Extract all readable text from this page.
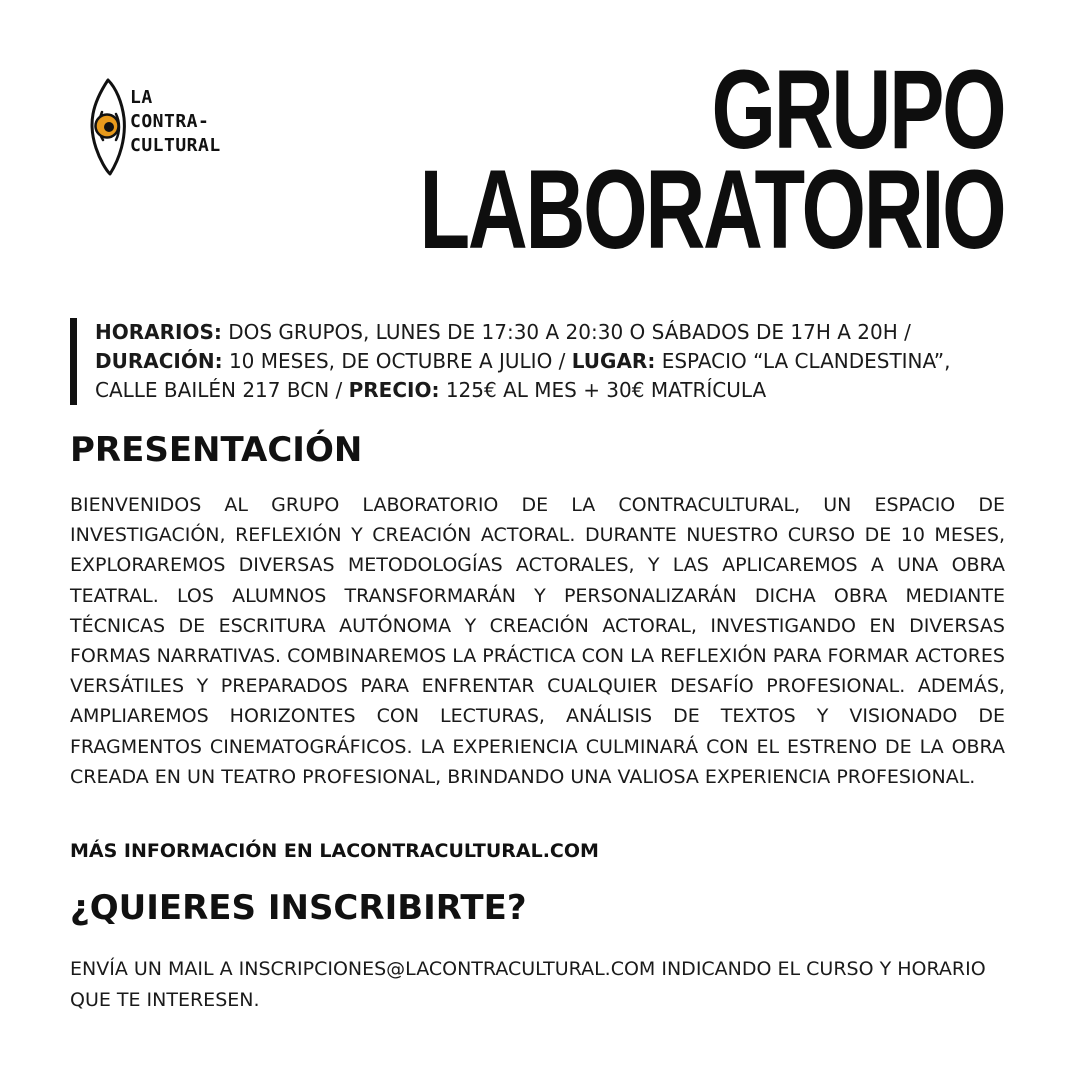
LA
CONTRA-
CULTURAL	GRUPO
LABORATORIO
HORARIOS: DOS GRUPOS, LUNES DE 17:30 A 20:30 O SÁBADOS DE 17H A 20H /
DURACIÓN: 10 MESES, DE OCTUBRE A JULIO / LUGAR: ESPACIO “LA CLANDESTINA”,
CALLE BAILÉN 217 BCN / PRECIO: 125€ AL MES + 30€ MATRÍCULA
PRESENTACIÓN
BIENVENIDOS AL GRUPO LABORATORIO DE LA CONTRACULTURAL, UN ESPACIO DE INVESTIGACIÓN, REFLEXIÓN Y CREACIÓN ACTORAL. DURANTE NUESTRO CURSO DE 10 MESES, EXPLORAREMOS DIVERSAS METODOLOGÍAS ACTORALES, Y LAS APLICAREMOS A UNA OBRA TEATRAL. LOS ALUMNOS TRANSFORMARÁN Y PERSONALIZARÁN DICHA OBRA MEDIANTE TÉCNICAS DE ESCRITURA AUTÓNOMA Y CREACIÓN ACTORAL, INVESTIGANDO EN DIVERSAS FORMAS NARRATIVAS. COMBINAREMOS LA PRÁCTICA CON LA REFLEXIÓN PARA FORMAR ACTORES VERSÁTILES Y PREPARADOS PARA ENFRENTAR CUALQUIER DESAFÍO PROFESIONAL. ADEMÁS, AMPLIAREMOS HORIZONTES CON LECTURAS, ANÁLISIS DE TEXTOS Y VISIONADO DE FRAGMENTOS CINEMATOGRÁFICOS. LA EXPERIENCIA CULMINARÁ CON EL ESTRENO DE LA OBRA CREADA EN UN TEATRO PROFESIONAL, BRINDANDO UNA VALIOSA EXPERIENCIA PROFESIONAL.
MÁS INFORMACIÓN EN LACONTRACULTURAL.COM
¿QUIERES INSCRIBIRTE?
ENVÍA UN MAIL A INSCRIPCIONES@LACONTRACULTURAL.COM INDICANDO EL CURSO Y HORARIO QUE TE INTERESEN.
